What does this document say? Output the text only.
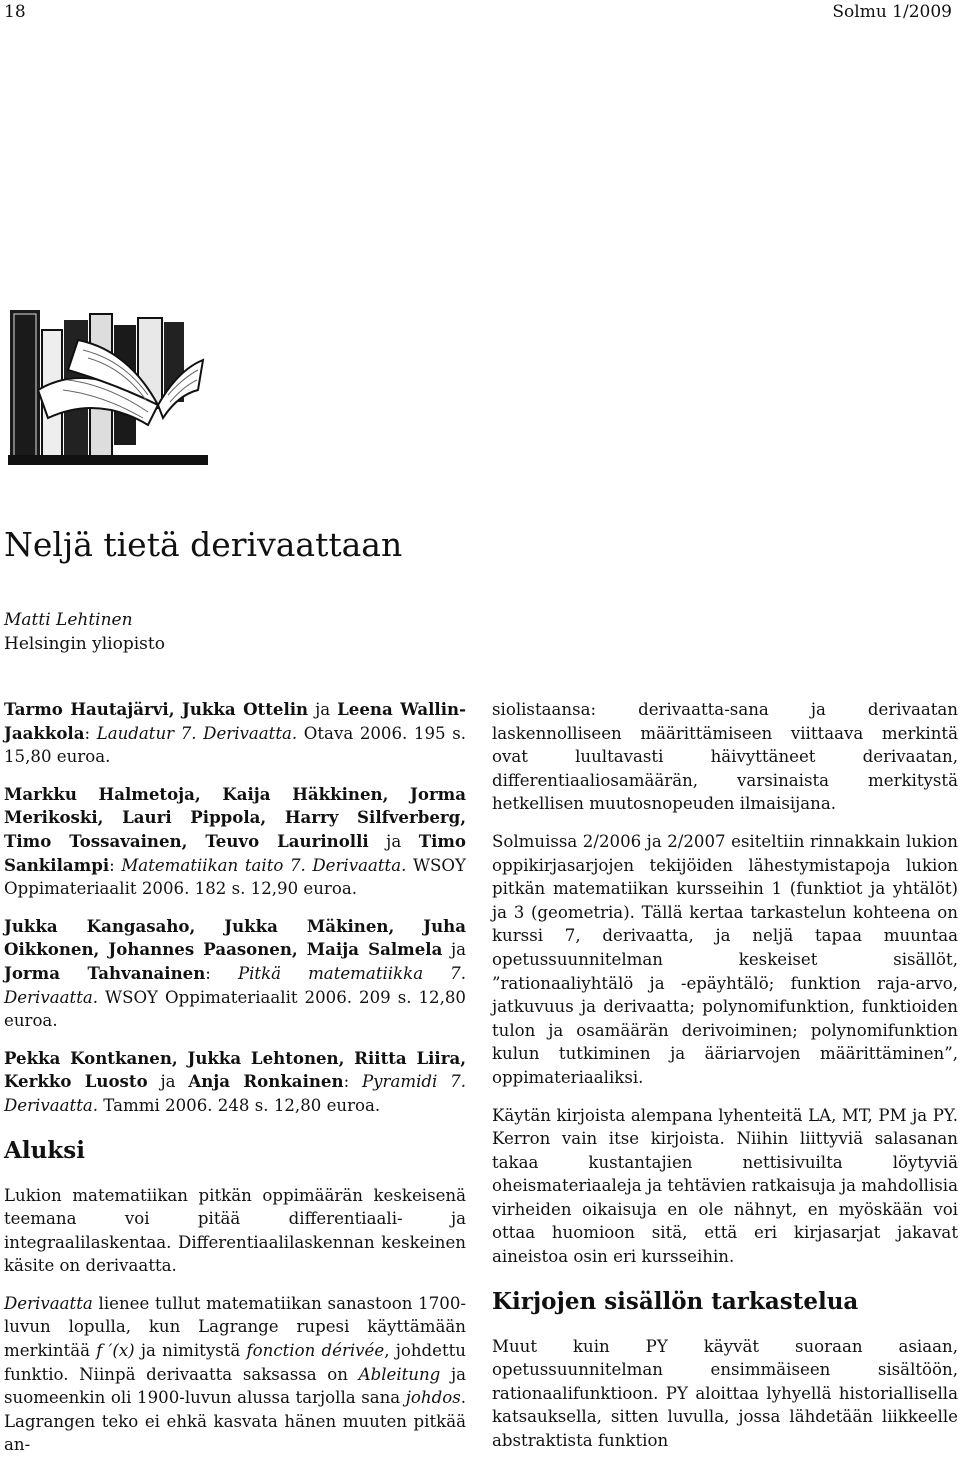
18	Solmu 1/2009
Neljä tietä derivaattaan
Matti Lehtinen
Helsingin yliopisto

Tarmo Hautajärvi, Jukka Ottelin ja Leena Wallin-Jaakkola: Laudatur 7. Derivaatta. Otava 2006. 195 s. 15,80 euroa.

Markku Halmetoja, Kaija Häkkinen, Jorma Merikoski, Lauri Pippola, Harry Silfverberg, Timo Tossavainen, Teuvo Laurinolli ja Timo Sankilampi: Matematiikan taito 7. Derivaatta. WSOY Oppimateriaalit 2006. 182 s. 12,90 euroa.

Jukka Kangasaho, Jukka Mäkinen, Juha Oikkonen, Johannes Paasonen, Maija Salmela ja Jorma Tahvanainen: Pitkä matematiikka 7. Derivaatta. WSOY Oppimateriaalit 2006. 209 s. 12,80 euroa.

Pekka Kontkanen, Jukka Lehtonen, Riitta Liira, Kerkko Luosto ja Anja Ronkainen: Pyramidi 7. Derivaatta. Tammi 2006. 248 s. 12,80 euroa.

Aluksi

Lukion matematiikan pitkän oppimäärän keskeisenä teemana voi pitää differentiaali- ja integraalilaskentaa. Differentiaalilaskennan keskeinen käsite on derivaatta.

Derivaatta lienee tullut matematiikan sanastoon 1700-luvun lopulla, kun Lagrange rupesi käyttämään merkintää f ′(x) ja nimitystä fonction dérivée, johdettu funktio. Niinpä derivaatta saksassa on Ableitung ja suomeenkin oli 1900-luvun alussa tarjolla sana johdos. Lagrangen teko ei ehkä kasvata hänen muuten pitkää an-

siolistaansa: derivaatta-sana ja derivaatan laskennolliseen määrittämiseen viittaava merkintä ovat luultavasti häivyttäneet derivaatan, differentiaaliosamäärän, varsinaista merkitystä hetkellisen muutosnopeuden ilmaisijana.

Solmuissa 2/2006 ja 2/2007 esiteltiin rinnakkain lukion oppikirjasarjojen tekijöiden lähestymistapoja lukion pitkän matematiikan kursseihin 1 (funktiot ja yhtälöt) ja 3 (geometria). Tällä kertaa tarkastelun kohteena on kurssi 7, derivaatta, ja neljä tapaa muuntaa opetussuunnitelman keskeiset sisällöt, ”rationaaliyhtälö ja -epäyhtälö; funktion raja-arvo, jatkuvuus ja derivaatta; polynomifunktion, funktioiden tulon ja osamäärän derivoiminen; polynomifunktion kulun tutkiminen ja ääriarvojen määrittäminen”, oppimateriaaliksi.

Käytän kirjoista alempana lyhenteitä LA, MT, PM ja PY. Kerron vain itse kirjoista. Niihin liittyviä salasanan takaa kustantajien nettisivuilta löytyviä oheismateriaaleja ja tehtävien ratkaisuja ja mahdollisia virheiden oikaisuja en ole nähnyt, en myöskään voi ottaa huomioon sitä, että eri kirjasarjat jakavat aineistoa osin eri kursseihin.

Kirjojen sisällön tarkastelua

Muut kuin PY käyvät suoraan asiaan, opetussuunnitelman ensimmäiseen sisältöön, rationaalifunktioon. PY aloittaa lyhyellä historiallisella katsauksella, sitten luvulla, jossa lähdetään liikkeelle abstraktista funktion
